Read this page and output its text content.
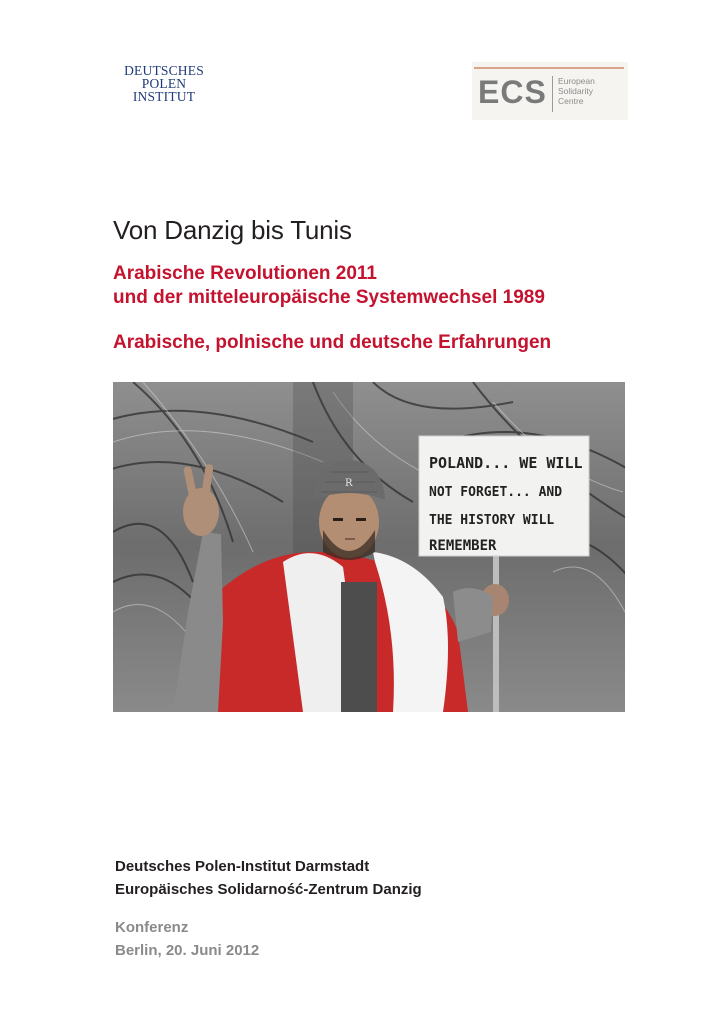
DEUTSCHES
POLEN
INSTITUT	ECS European
Solidarity
Centre
Von Danzig bis Tunis
Arabische Revolutionen 2011
und der mitteleuropäische Systemwechsel 1989
Arabische, polnische und deutsche Erfahrungen
POLAND... WE WILL
NOT FORGET... AND
THE HISTORY WILL
REMEMBER
R
Deutsches Polen-Institut Darmstadt
Europäisches Solidarność-Zentrum Danzig
Konferenz
Berlin, 20. Juni 2012
